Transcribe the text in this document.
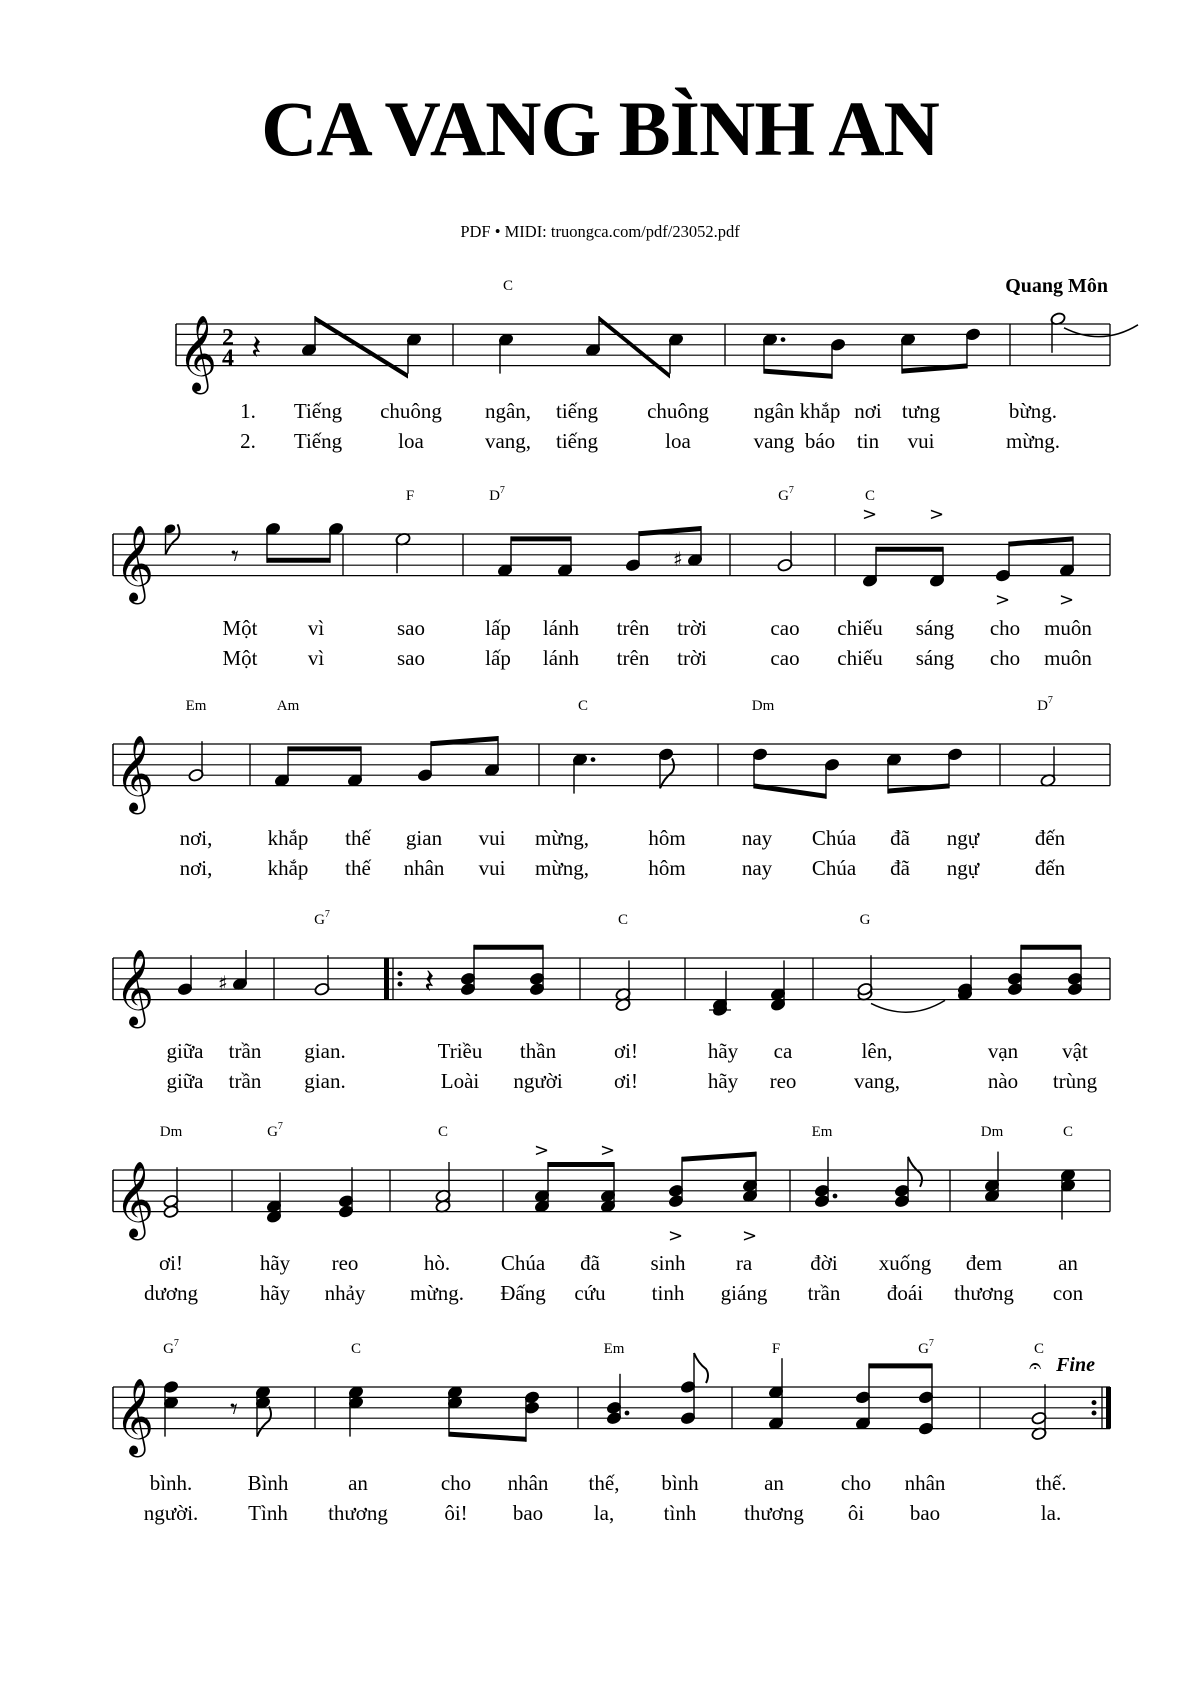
CA VANG BÌNH AN
PDF • MIDI: truongca.com/pdf/23052.pdf
Quang Môn
𝄞 2
4 𝄽
𝄞	𝄾	♯
>	>
>	>
𝄞
𝄞	♯	𝄽
𝄞
>	>
>	>
𝄞	𝄾
𝄐 Fine
C
1. Tiếng chuông ngân, tiếng chuông ngân khắp nơi tưng	bừng.
2. Tiếng	loa	vang, tiếng	loa	vang báo tin vui	mừng.
F	$D^7$	$G^7$	C
Một vì	sao	lấp lánh trên trời	cao chiếu sáng cho muôn
Một vì	sao	lấp lánh trên trời	cao chiếu sáng cho muôn
Em	Am	C	Dm	$D^7$
nơi,	khắp thế gian vui mừng,	hôm	nay Chúa đã ngự	đến
nơi,	khắp thế nhân vui mừng,	hôm	nay Chúa đã ngự	đến
$G^7$	C	G
giữa trần gian.	Triều thần	ơi!	hãy ca	lên,	vạn vật
giữa trần gian.	Loài người ơi!	hãy reo	vang,	nào trùng
Dm	$G^7$	C	Em	Dm	C
ơi!	hãy reo	hò. Chúa đã sinh ra	đời xuống đem	an
dương	hãy nhảy mừng. Đấng cứu tinh giáng trần đoái thương con
$G^7$	C	Em	F	$G^7$	C
bình.	Bình	an	cho nhân thế, bình	an	cho nhân	thế.
người. Tình thương	ôi! bao la, tình thương ôi bao	la.
